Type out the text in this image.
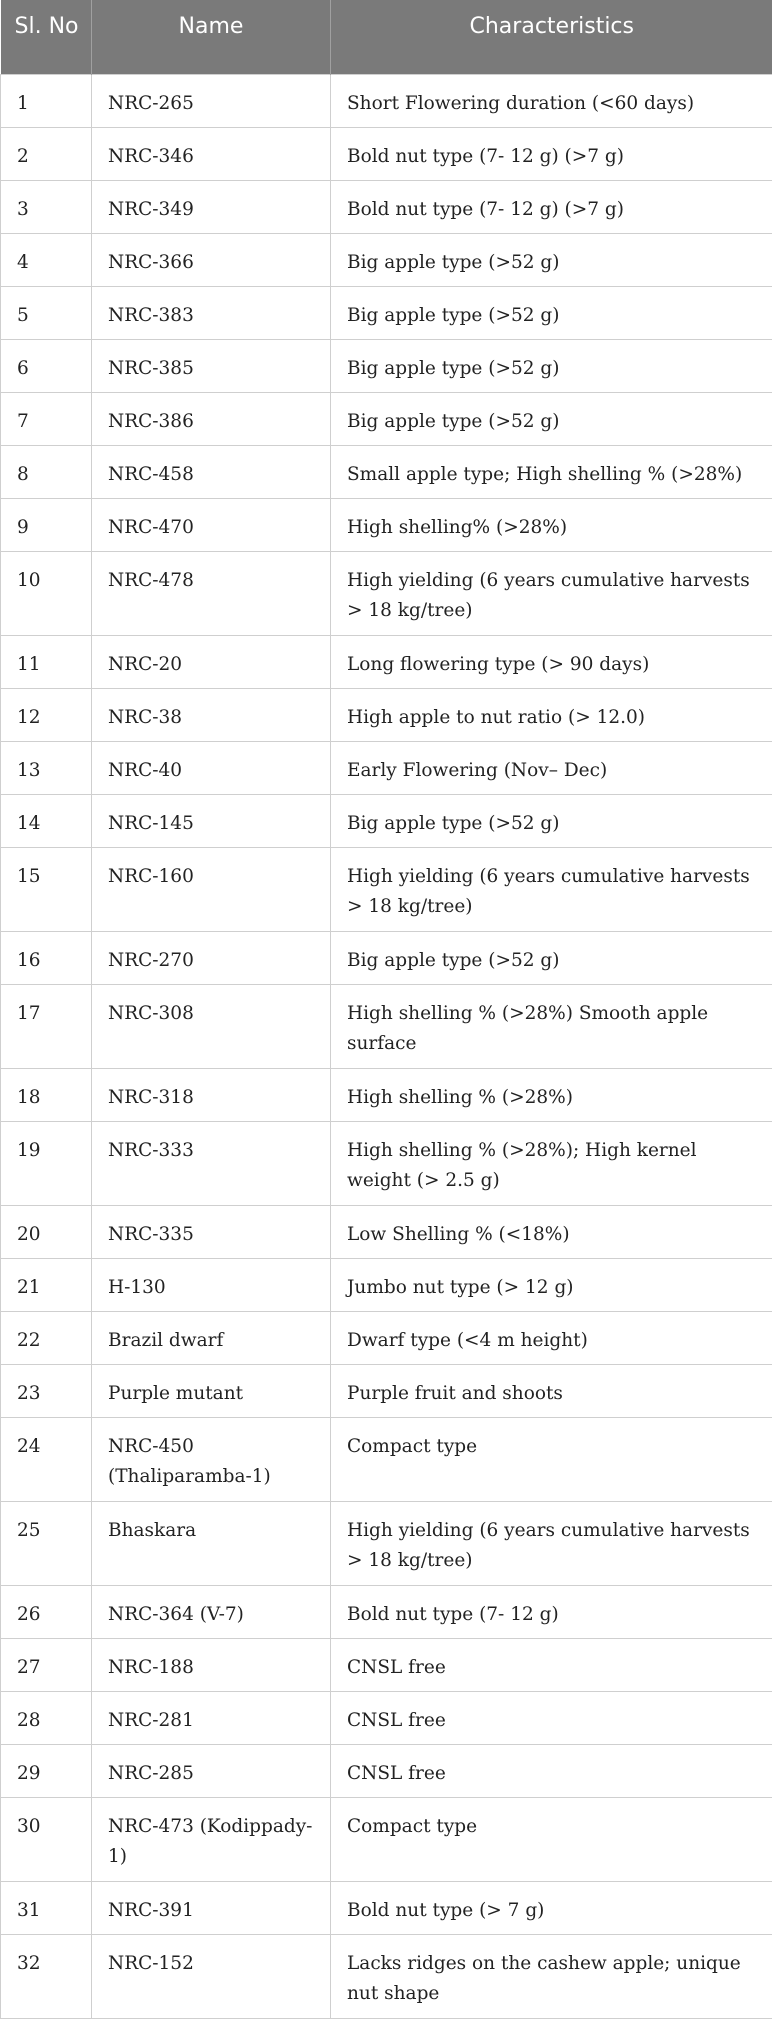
Sl. No	Name	Characteristics
1	NRC-265	Short Flowering duration (<60 days)
2	NRC-346	Bold nut type (7- 12 g) (>7 g)
3	NRC-349	Bold nut type (7- 12 g) (>7 g)
4	NRC-366	Big apple type (>52 g)
5	NRC-383	Big apple type (>52 g)
6	NRC-385	Big apple type (>52 g)
7	NRC-386	Big apple type (>52 g)
8	NRC-458	Small apple type; High shelling % (>28%)
9	NRC-470	High shelling% (>28%)
10	NRC-478	High yielding (6 years cumulative harvests > 18 kg/tree)
11	NRC-20	Long flowering type (> 90 days)
12	NRC-38	High apple to nut ratio (> 12.0)
13	NRC-40	Early Flowering (Nov– Dec)
14	NRC-145	Big apple type (>52 g)
15	NRC-160	High yielding (6 years cumulative harvests > 18 kg/tree)
16	NRC-270	Big apple type (>52 g)
17	NRC-308	High shelling % (>28%) Smooth apple surface
18	NRC-318	High shelling % (>28%)
19	NRC-333	High shelling % (>28%); High kernel weight (> 2.5 g)
20	NRC-335	Low Shelling % (<18%)
21	H-130	Jumbo nut type (> 12 g)
22	Brazil dwarf	Dwarf type (<4 m height)
23	Purple mutant	Purple fruit and shoots
24	NRC-450 (Thaliparamba-1)	Compact type
25	Bhaskara	High yielding (6 years cumulative harvests > 18 kg/tree)
26	NRC-364 (V-7)	Bold nut type (7- 12 g)
27	NRC-188	CNSL free
28	NRC-281	CNSL free
29	NRC-285	CNSL free
30	NRC-473 (Kodippady-1)	Compact type
31	NRC-391	Bold nut type (> 7 g)
32	NRC-152	Lacks ridges on the cashew apple; unique nut shape
